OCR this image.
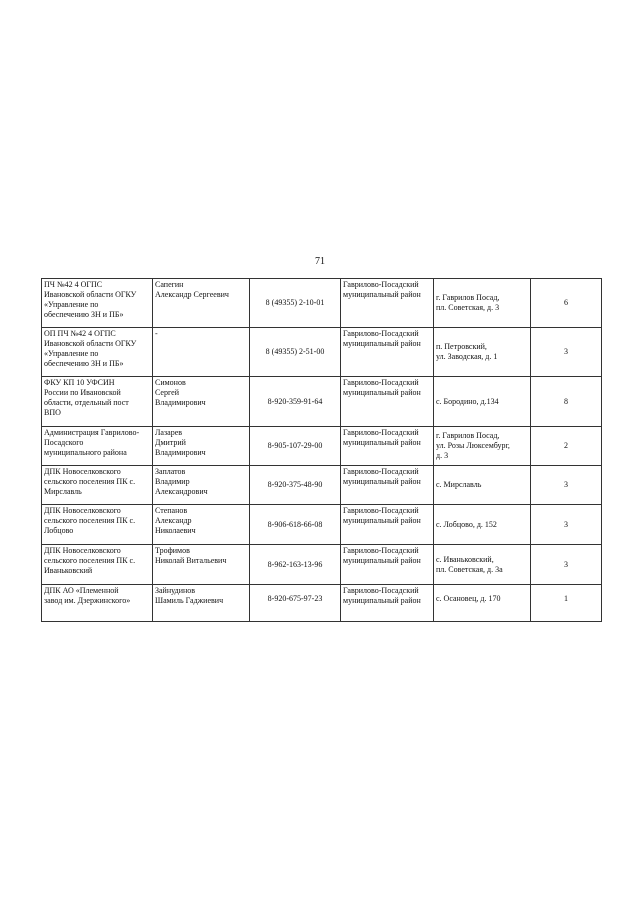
71
ПЧ №42 4 ОГПС
Ивановской области ОГКУ
«Управление по
обеспечению ЗН и ПБ»	Сапегин
Александр Сергеевич	8 (49355) 2-10-01	Гаврилово-Посадский
муниципальный район	г. Гаврилов Посад,
пл. Советская, д. 3	6

ОП ПЧ №42 4 ОГПС
Ивановской области ОГКУ
«Управление по
обеспечению ЗН и ПБ»	-	8 (49355) 2-51-00	Гаврилово-Посадский
муниципальный район	п. Петровский,
ул. Заводская, д. 1	3

ФКУ КП 10 УФСИН
России по Ивановской
области, отдельный пост
ВПО	Симонов
Сергей
Владимирович	8-920-359-91-64	Гаврилово-Посадский
муниципальный район	с. Бородино, д.134	8

Администрация Гаврилово-
Посадского
муниципального района	Лазарев
Дмитрий
Владимирович	8-905-107-29-00	Гаврилово-Посадский
муниципальный район	г. Гаврилов Посад,
ул. Розы Люксембург,
д. 3	2

ДПК Новоселковского
сельского поселения ПК с.
Мирславль	Заплатов
Владимир
Александрович	8-920-375-48-90	Гаврилово-Посадский
муниципальный район	с. Мирславль	3

ДПК Новоселковского
сельского поселения ПК с.
Лобцово	Степанов
Александр
Николаевич	8-906-618-66-08	Гаврилово-Посадский
муниципальный район	с. Лобцово, д. 152	3

ДПК Новоселковского
сельского поселения ПК с.
Иваньковский	Трофимов
Николай Витальевич	8-962-163-13-96	Гаврилово-Посадский
муниципальный район	с. Иваньковский,
пл. Советская, д. 3а	3

ДПК АО «Племенной
завод им. Дзержинского»	Зайнудинов
Шамиль Гаджиевич	8-920-675-97-23	Гаврилово-Посадский
муниципальный район	с. Осановец, д. 170	1
